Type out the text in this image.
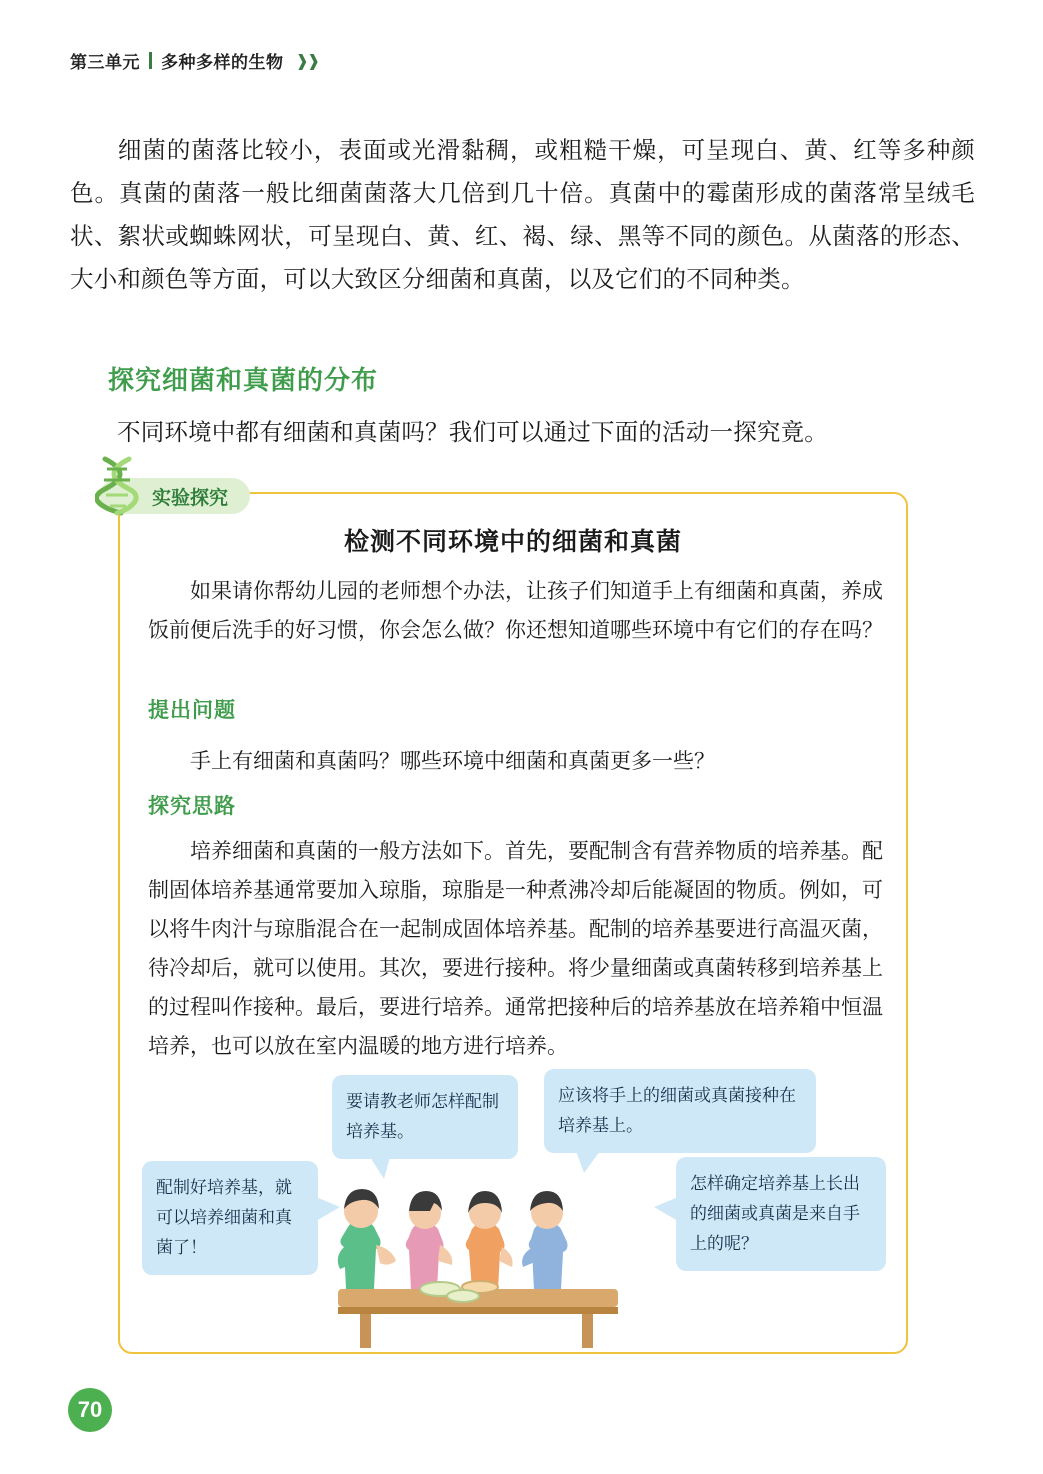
第三单元 多种多样的生物 ❱❱
细菌的菌落比较小，表面或光滑黏稠，或粗糙干燥，可呈现白、黄、红等多种颜色。真菌的菌落一般比细菌菌落大几倍到几十倍。真菌中的霉菌形成的菌落常呈绒毛状、絮状或蜘蛛网状，可呈现白、黄、红、褐、绿、黑等不同的颜色。从菌落的形态、大小和颜色等方面，可以大致区分细菌和真菌，以及它们的不同种类。
探究细菌和真菌的分布
不同环境中都有细菌和真菌吗？我们可以通过下面的活动一探究竟。
实验探究
检测不同环境中的细菌和真菌
如果请你帮幼儿园的老师想个办法，让孩子们知道手上有细菌和真菌，养成饭前便后洗手的好习惯，你会怎么做？你还想知道哪些环境中有它们的存在吗？
提出问题
手上有细菌和真菌吗？哪些环境中细菌和真菌更多一些？
探究思路
培养细菌和真菌的一般方法如下。首先，要配制含有营养物质的培养基。配制固体培养基通常要加入琼脂，琼脂是一种煮沸冷却后能凝固的物质。例如，可以将牛肉汁与琼脂混合在一起制成固体培养基。配制的培养基要进行高温灭菌，待冷却后，就可以使用。其次，要进行接种。将少量细菌或真菌转移到培养基上的过程叫作接种。最后，要进行培养。通常把接种后的培养基放在培养箱中恒温培养，也可以放在室内温暖的地方进行培养。
要请教老师怎样配制培养基。
应该将手上的细菌或真菌接种在培养基上。
配制好培养基，就可以培养细菌和真菌了！
怎样确定培养基上长出的细菌或真菌是来自手上的呢？
70
